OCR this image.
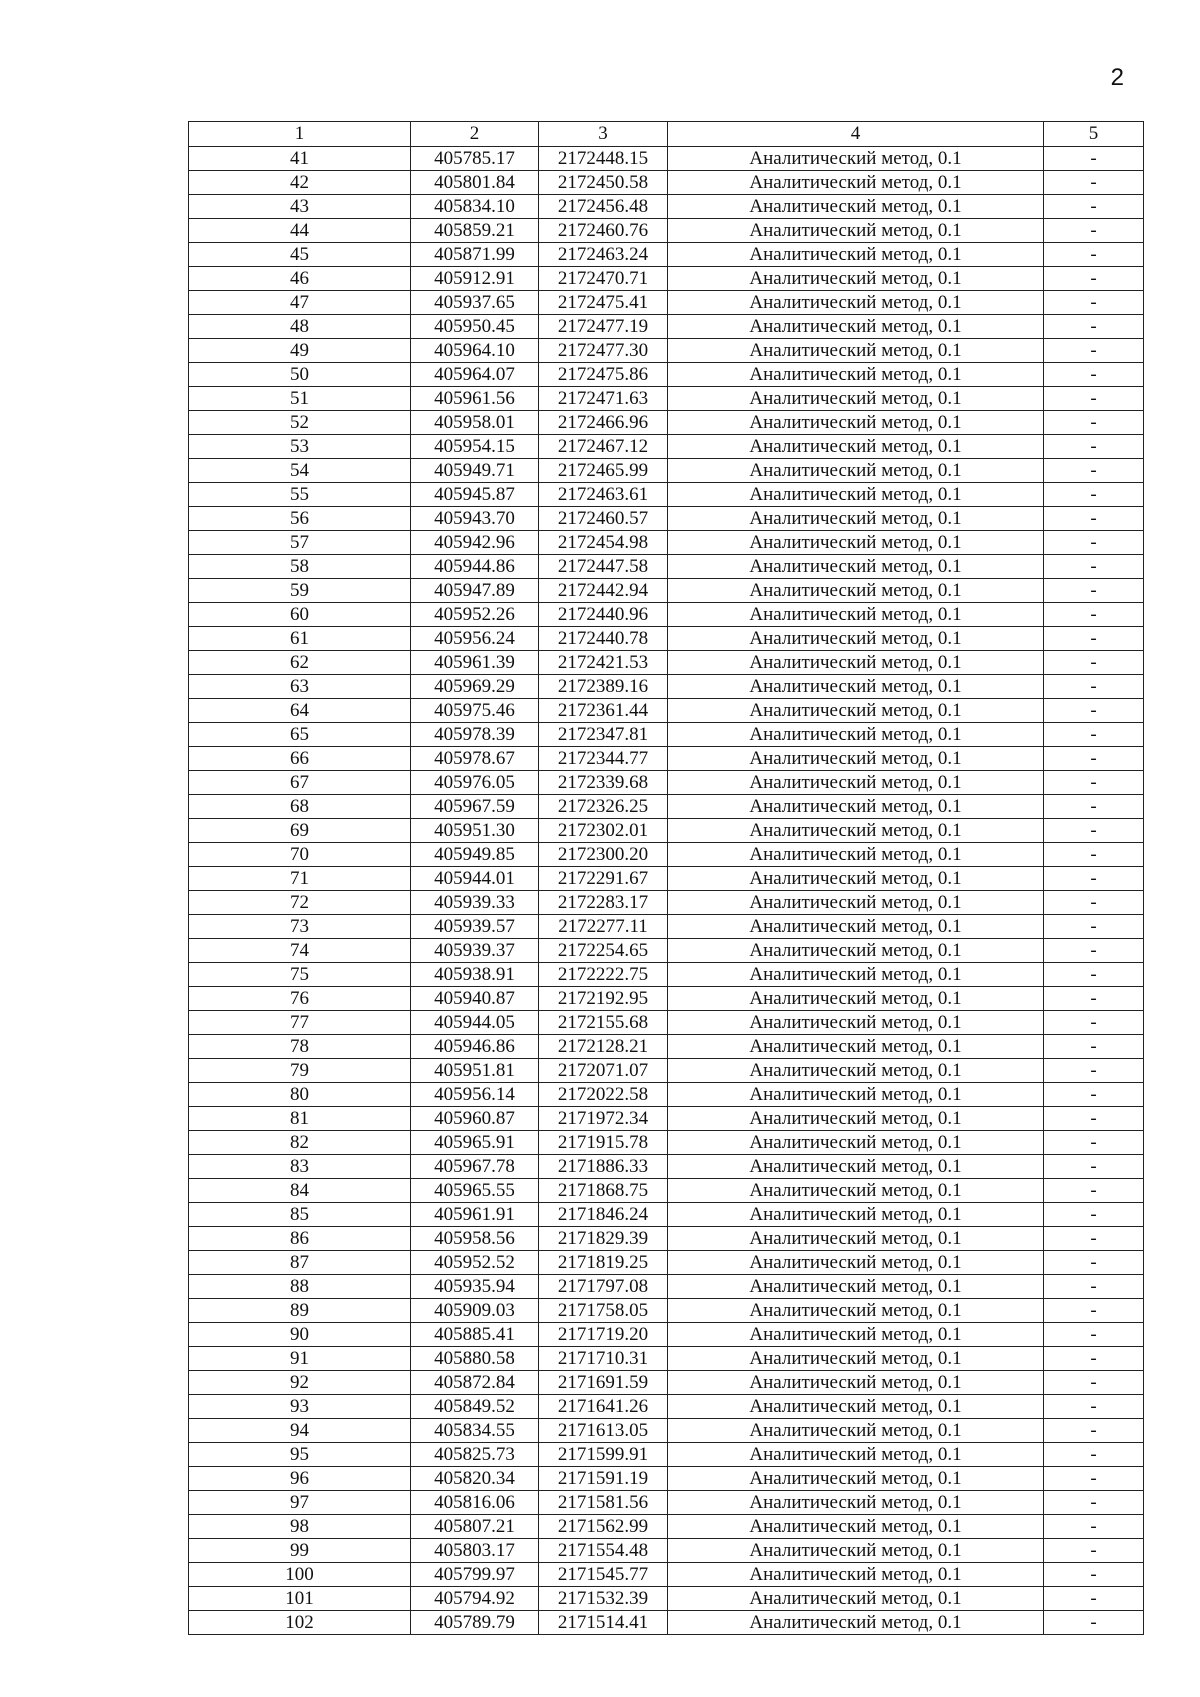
2
1	2	3	4	5
41	405785.17	2172448.15	Аналитический метод, 0.1	-
42	405801.84	2172450.58	Аналитический метод, 0.1	-
43	405834.10	2172456.48	Аналитический метод, 0.1	-
44	405859.21	2172460.76	Аналитический метод, 0.1	-
45	405871.99	2172463.24	Аналитический метод, 0.1	-
46	405912.91	2172470.71	Аналитический метод, 0.1	-
47	405937.65	2172475.41	Аналитический метод, 0.1	-
48	405950.45	2172477.19	Аналитический метод, 0.1	-
49	405964.10	2172477.30	Аналитический метод, 0.1	-
50	405964.07	2172475.86	Аналитический метод, 0.1	-
51	405961.56	2172471.63	Аналитический метод, 0.1	-
52	405958.01	2172466.96	Аналитический метод, 0.1	-
53	405954.15	2172467.12	Аналитический метод, 0.1	-
54	405949.71	2172465.99	Аналитический метод, 0.1	-
55	405945.87	2172463.61	Аналитический метод, 0.1	-
56	405943.70	2172460.57	Аналитический метод, 0.1	-
57	405942.96	2172454.98	Аналитический метод, 0.1	-
58	405944.86	2172447.58	Аналитический метод, 0.1	-
59	405947.89	2172442.94	Аналитический метод, 0.1	-
60	405952.26	2172440.96	Аналитический метод, 0.1	-
61	405956.24	2172440.78	Аналитический метод, 0.1	-
62	405961.39	2172421.53	Аналитический метод, 0.1	-
63	405969.29	2172389.16	Аналитический метод, 0.1	-
64	405975.46	2172361.44	Аналитический метод, 0.1	-
65	405978.39	2172347.81	Аналитический метод, 0.1	-
66	405978.67	2172344.77	Аналитический метод, 0.1	-
67	405976.05	2172339.68	Аналитический метод, 0.1	-
68	405967.59	2172326.25	Аналитический метод, 0.1	-
69	405951.30	2172302.01	Аналитический метод, 0.1	-
70	405949.85	2172300.20	Аналитический метод, 0.1	-
71	405944.01	2172291.67	Аналитический метод, 0.1	-
72	405939.33	2172283.17	Аналитический метод, 0.1	-
73	405939.57	2172277.11	Аналитический метод, 0.1	-
74	405939.37	2172254.65	Аналитический метод, 0.1	-
75	405938.91	2172222.75	Аналитический метод, 0.1	-
76	405940.87	2172192.95	Аналитический метод, 0.1	-
77	405944.05	2172155.68	Аналитический метод, 0.1	-
78	405946.86	2172128.21	Аналитический метод, 0.1	-
79	405951.81	2172071.07	Аналитический метод, 0.1	-
80	405956.14	2172022.58	Аналитический метод, 0.1	-
81	405960.87	2171972.34	Аналитический метод, 0.1	-
82	405965.91	2171915.78	Аналитический метод, 0.1	-
83	405967.78	2171886.33	Аналитический метод, 0.1	-
84	405965.55	2171868.75	Аналитический метод, 0.1	-
85	405961.91	2171846.24	Аналитический метод, 0.1	-
86	405958.56	2171829.39	Аналитический метод, 0.1	-
87	405952.52	2171819.25	Аналитический метод, 0.1	-
88	405935.94	2171797.08	Аналитический метод, 0.1	-
89	405909.03	2171758.05	Аналитический метод, 0.1	-
90	405885.41	2171719.20	Аналитический метод, 0.1	-
91	405880.58	2171710.31	Аналитический метод, 0.1	-
92	405872.84	2171691.59	Аналитический метод, 0.1	-
93	405849.52	2171641.26	Аналитический метод, 0.1	-
94	405834.55	2171613.05	Аналитический метод, 0.1	-
95	405825.73	2171599.91	Аналитический метод, 0.1	-
96	405820.34	2171591.19	Аналитический метод, 0.1	-
97	405816.06	2171581.56	Аналитический метод, 0.1	-
98	405807.21	2171562.99	Аналитический метод, 0.1	-
99	405803.17	2171554.48	Аналитический метод, 0.1	-
100	405799.97	2171545.77	Аналитический метод, 0.1	-
101	405794.92	2171532.39	Аналитический метод, 0.1	-
102	405789.79	2171514.41	Аналитический метод, 0.1	-
